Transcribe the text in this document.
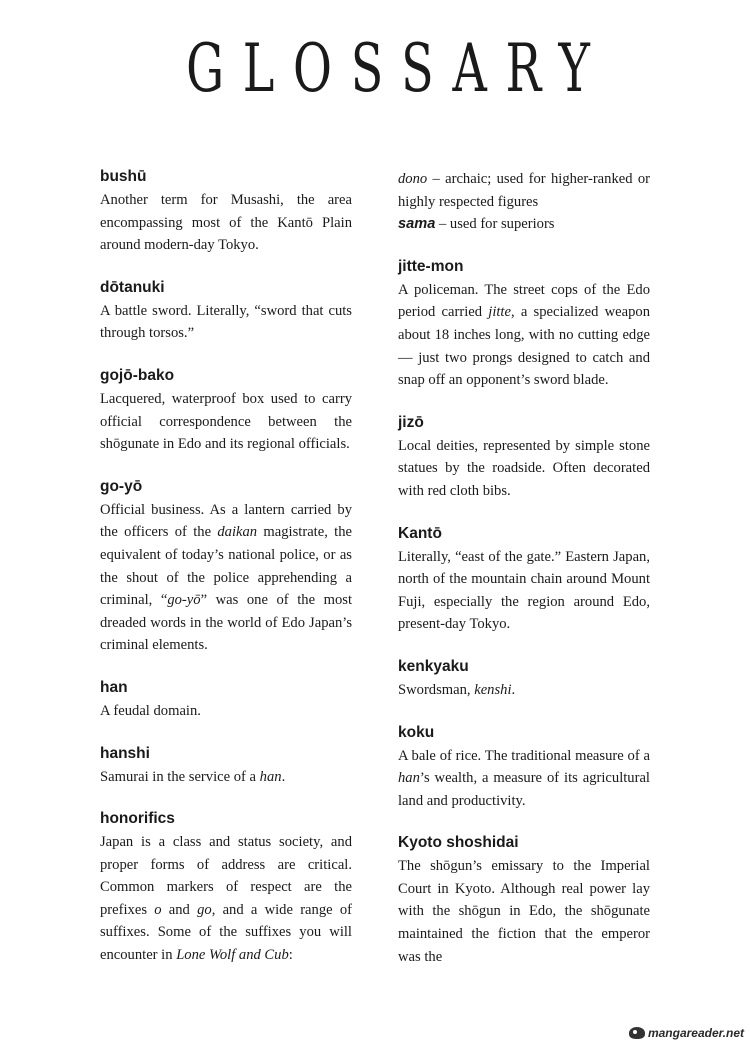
GLOSSARY

bushū

Another term for Musashi, the area encompassing most of the Kantō Plain around modern-day Tokyo.

dōtanuki

A battle sword. Literally, “sword that cuts through torsos.”

gojō-bako

Lacquered, waterproof box used to carry official correspondence between the shōgunate in Edo and its regional officials.

go-yō

Official business. As a lantern carried by the officers of the daikan magistrate, the equivalent of today’s national police, or as the shout of the police apprehending a criminal, “go-yō” was one of the most dreaded words in the world of Edo Japan’s criminal elements.

han

A feudal domain.

hanshi

Samurai in the service of a han.

honorifics

Japan is a class and status society, and proper forms of address are critical. Common markers of respect are the prefixes o and go, and a wide range of suffixes. Some of the suffixes you will encounter in Lone Wolf and Cub:

dono – archaic; used for higher-ranked or highly respected figures

sama – used for superiors

jitte-mon

A policeman. The street cops of the Edo period carried jitte, a specialized weapon about 18 inches long, with no cutting edge — just two prongs designed to catch and snap off an opponent’s sword blade.

jizō

Local deities, represented by simple stone statues by the roadside. Often decorated with red cloth bibs.

Kantō

Literally, “east of the gate.” Eastern Japan, north of the mountain chain around Mount Fuji, especially the region around Edo, present-day Tokyo.

kenkyaku

Swordsman, kenshi.

koku

A bale of rice. The traditional measure of a han’s wealth, a measure of its agricultural land and productivity.

Kyoto shoshidai

The shōgun’s emissary to the Imperial Court in Kyoto. Although real power lay with the shōgun in Edo, the shōgunate maintained the fiction that the emperor was the

mangareader.net
